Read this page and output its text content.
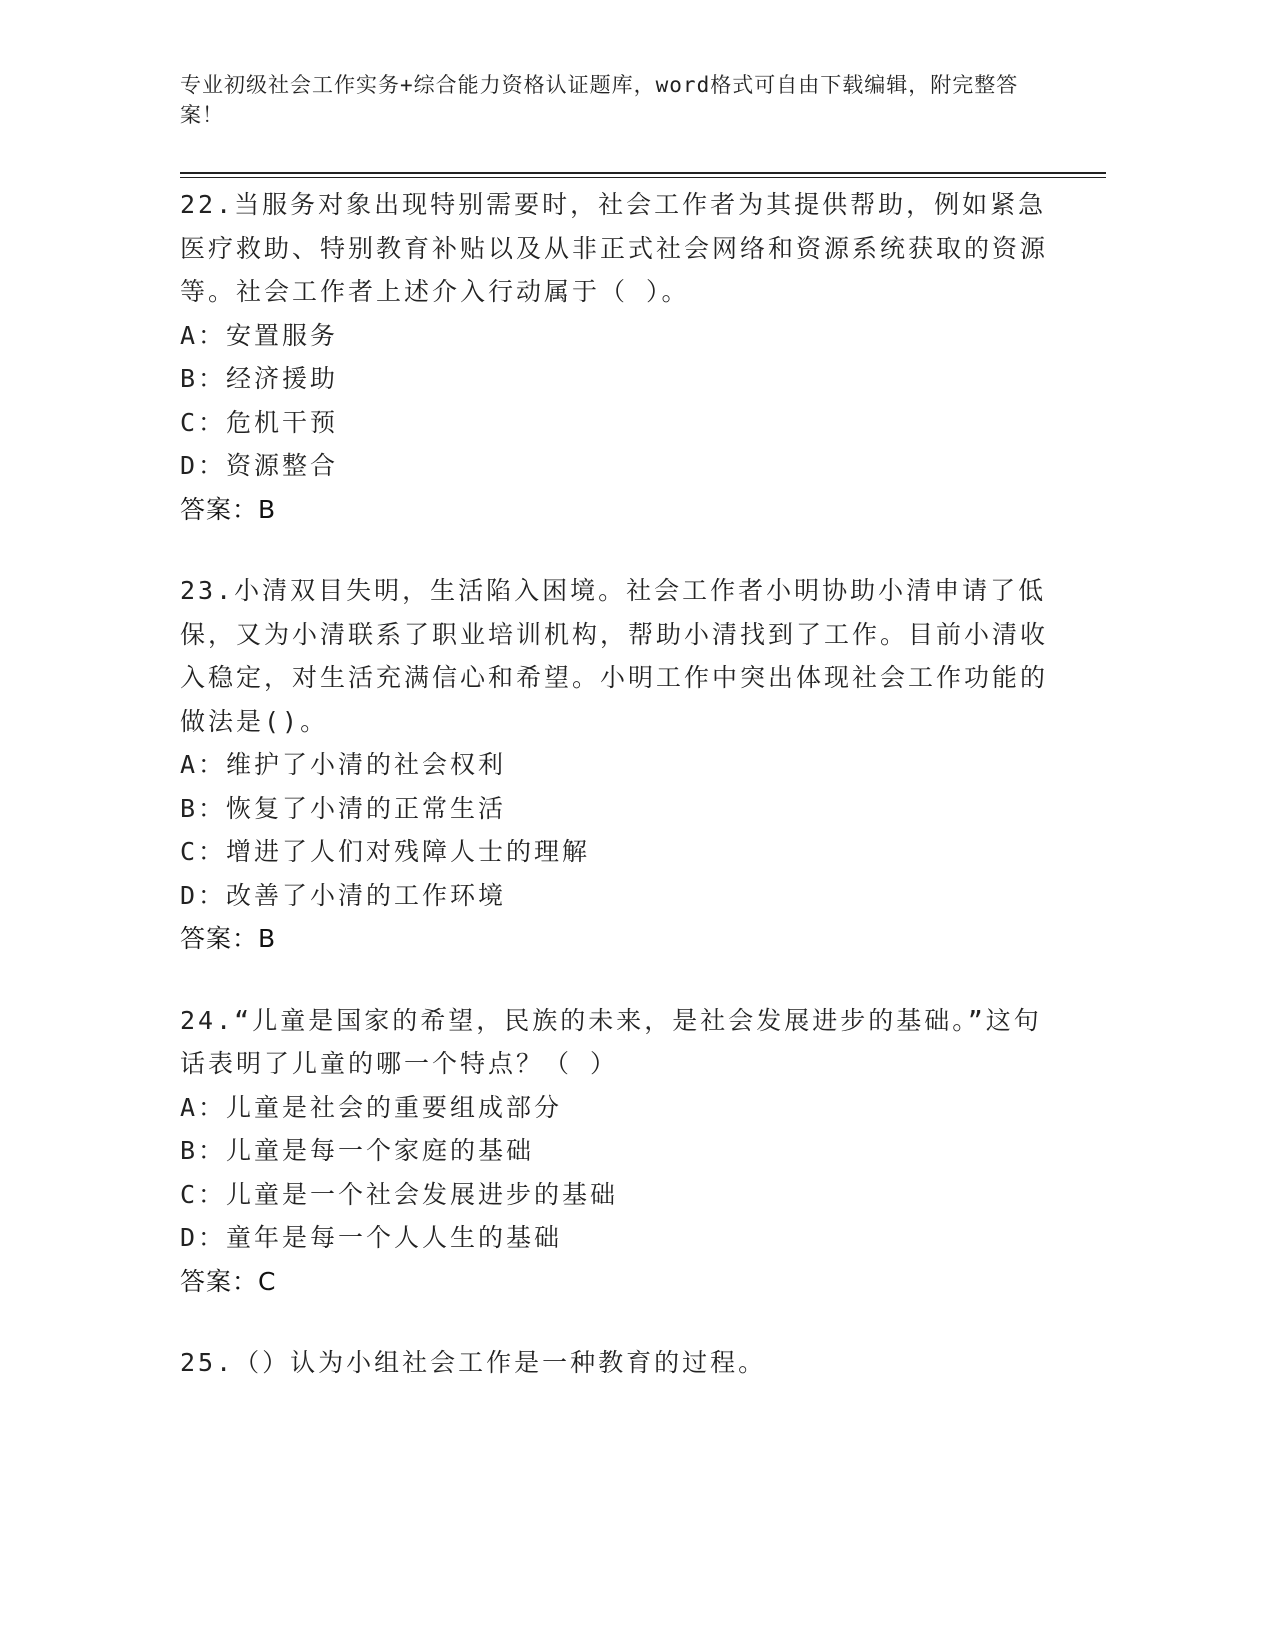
专业初级社会工作实务+综合能力资格认证题库，word格式可自由下载编辑，附完整答案！

22.当服务对象出现特别需要时，社会工作者为其提供帮助，例如紧急医疗救助、特别教育补贴以及从非正式社会网络和资源系统获取的资源等。社会工作者上述介入行动属于（ ）。

A：安置服务
B：经济援助
C：危机干预
D：资源整合

答案：B

23.小清双目失明，生活陷入困境。社会工作者小明协助小清申请了低保，又为小清联系了职业培训机构，帮助小清找到了工作。目前小清收入稳定，对生活充满信心和希望。小明工作中突出体现社会工作功能的做法是()。

A：维护了小清的社会权利
B：恢复了小清的正常生活
C：增进了人们对残障人士的理解
D：改善了小清的工作环境

答案：B

24.“儿童是国家的希望，民族的未来，是社会发展进步的基础。”这句话表明了儿童的哪一个特点？（ ）

A：儿童是社会的重要组成部分
B：儿童是每一个家庭的基础
C：儿童是一个社会发展进步的基础
D：童年是每一个人人生的基础

答案：C

25.（）认为小组社会工作是一种教育的过程。
